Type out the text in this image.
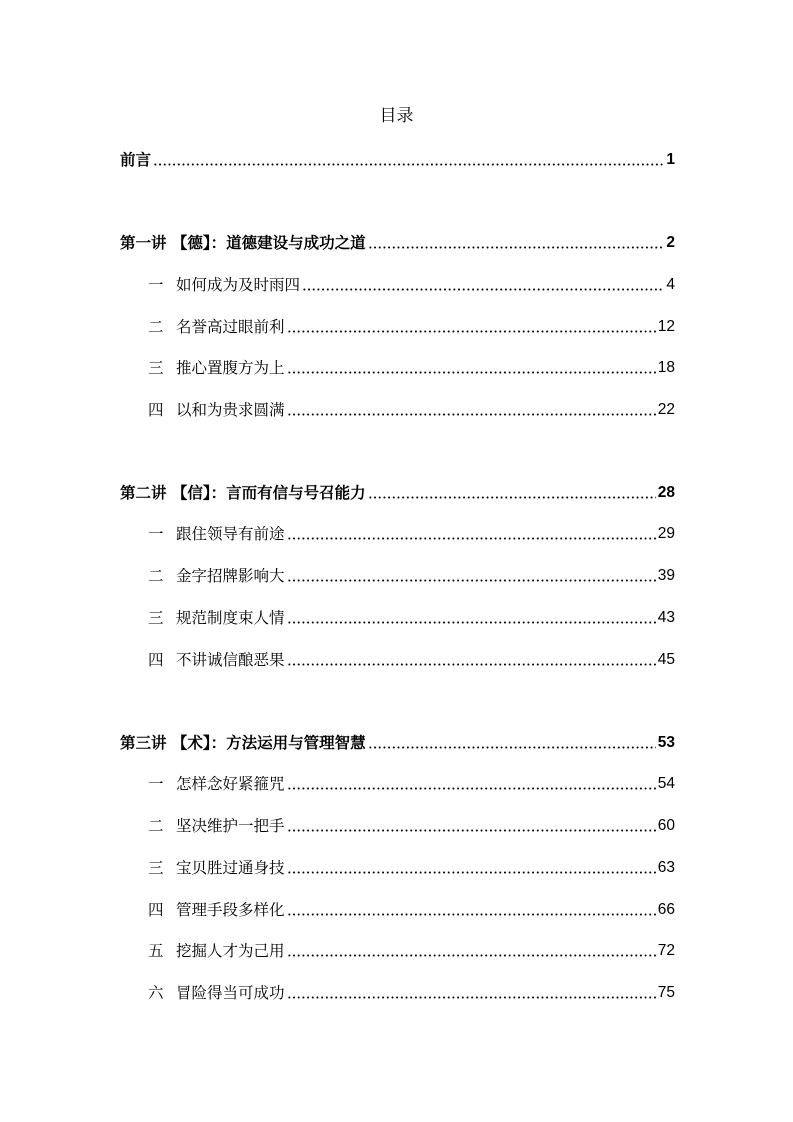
目录
前言	1
第一讲 【德】：道德建设与成功之道	2
一 如何成为及时雨四	4
二 名誉高过眼前利	12
三 推心置腹方为上	18
四 以和为贵求圆满	22
第二讲 【信】：言而有信与号召能力	28
一 跟住领导有前途	29
二 金字招牌影响大	39
三 规范制度束人情	43
四 不讲诚信酿恶果	45
第三讲 【术】：方法运用与管理智慧	53
一 怎样念好紧箍咒	54
二 坚决维护一把手	60
三 宝贝胜过通身技	63
四 管理手段多样化	66
五 挖掘人才为己用	72
六 冒险得当可成功	75
